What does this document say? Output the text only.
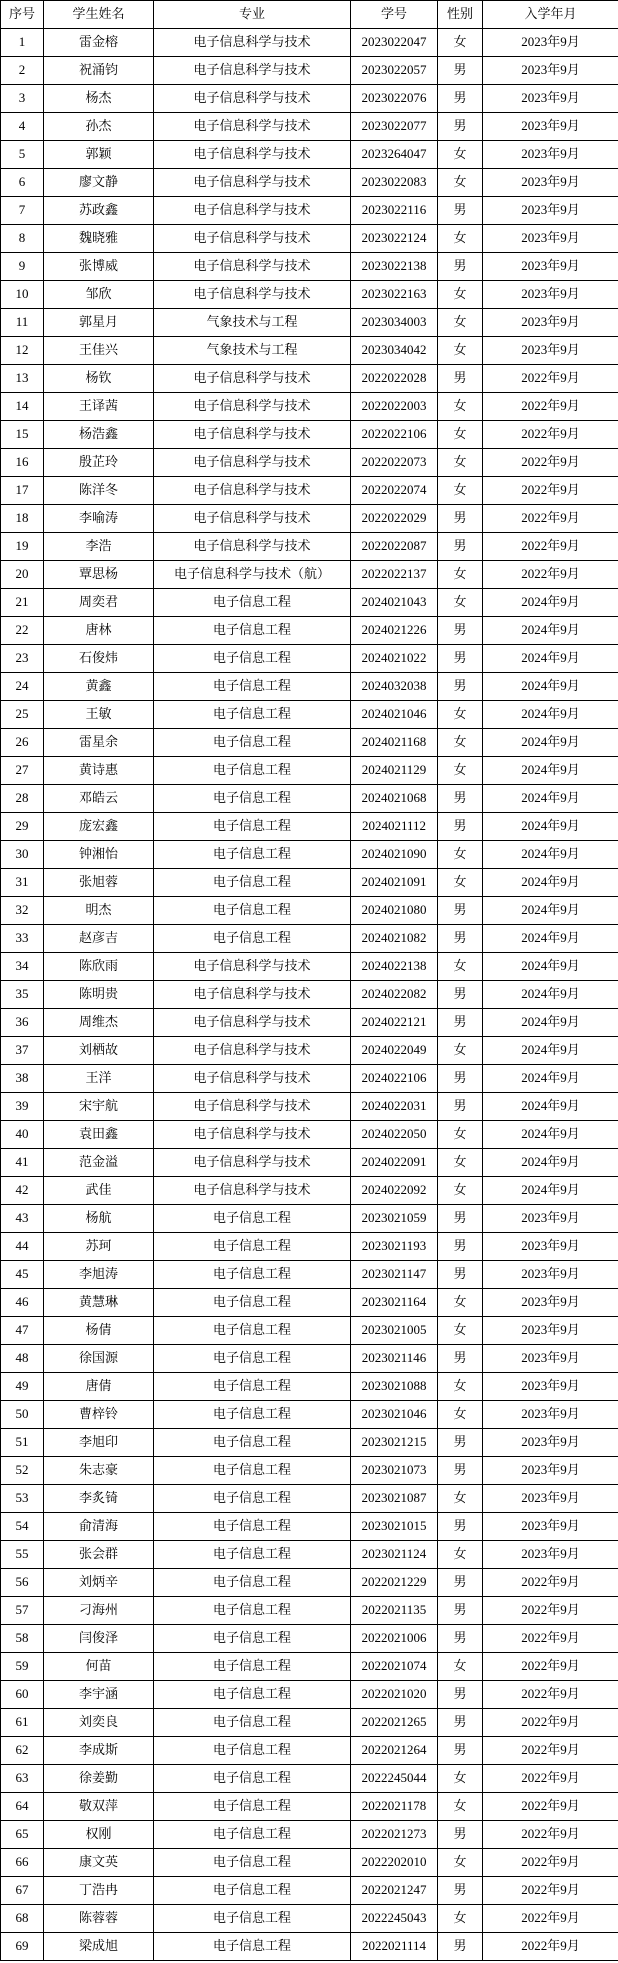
序号	学生姓名	专业	学号	性别	入学年月
1	雷金榕	电子信息科学与技术	2023022047	女	2023年9月
2	祝涌钧	电子信息科学与技术	2023022057	男	2023年9月
3	杨杰	电子信息科学与技术	2023022076	男	2023年9月
4	孙杰	电子信息科学与技术	2023022077	男	2023年9月
5	郭颖	电子信息科学与技术	2023264047	女	2023年9月
6	廖文静	电子信息科学与技术	2023022083	女	2023年9月
7	苏政鑫	电子信息科学与技术	2023022116	男	2023年9月
8	魏晓雅	电子信息科学与技术	2023022124	女	2023年9月
9	张博威	电子信息科学与技术	2023022138	男	2023年9月
10	邹欣	电子信息科学与技术	2023022163	女	2023年9月
11	郭星月	气象技术与工程	2023034003	女	2023年9月
12	王佳兴	气象技术与工程	2023034042	女	2023年9月
13	杨钦	电子信息科学与技术	2022022028	男	2022年9月
14	王译茜	电子信息科学与技术	2022022003	女	2022年9月
15	杨浩鑫	电子信息科学与技术	2022022106	女	2022年9月
16	殷芷玲	电子信息科学与技术	2022022073	女	2022年9月
17	陈洋冬	电子信息科学与技术	2022022074	女	2022年9月
18	李喻涛	电子信息科学与技术	2022022029	男	2022年9月
19	李浩	电子信息科学与技术	2022022087	男	2022年9月
20	覃思杨	电子信息科学与技术（航）	2022022137	女	2022年9月
21	周奕君	电子信息工程	2024021043	女	2024年9月
22	唐林	电子信息工程	2024021226	男	2024年9月
23	石俊炜	电子信息工程	2024021022	男	2024年9月
24	黄鑫	电子信息工程	2024032038	男	2024年9月
25	王敏	电子信息工程	2024021046	女	2024年9月
26	雷星余	电子信息工程	2024021168	女	2024年9月
27	黄诗惠	电子信息工程	2024021129	女	2024年9月
28	邓皓云	电子信息工程	2024021068	男	2024年9月
29	庞宏鑫	电子信息工程	2024021112	男	2024年9月
30	钟湘怡	电子信息工程	2024021090	女	2024年9月
31	张旭蓉	电子信息工程	2024021091	女	2024年9月
32	明杰	电子信息工程	2024021080	男	2024年9月
33	赵彦吉	电子信息工程	2024021082	男	2024年9月
34	陈欣雨	电子信息科学与技术	2024022138	女	2024年9月
35	陈明贵	电子信息科学与技术	2024022082	男	2024年9月
36	周维杰	电子信息科学与技术	2024022121	男	2024年9月
37	刘栖故	电子信息科学与技术	2024022049	女	2024年9月
38	王洋	电子信息科学与技术	2024022106	男	2024年9月
39	宋宇航	电子信息科学与技术	2024022031	男	2024年9月
40	袁田鑫	电子信息科学与技术	2024022050	女	2024年9月
41	范金溢	电子信息科学与技术	2024022091	女	2024年9月
42	武佳	电子信息科学与技术	2024022092	女	2024年9月
43	杨航	电子信息工程	2023021059	男	2023年9月
44	苏珂	电子信息工程	2023021193	男	2023年9月
45	李旭涛	电子信息工程	2023021147	男	2023年9月
46	黄慧琳	电子信息工程	2023021164	女	2023年9月
47	杨倩	电子信息工程	2023021005	女	2023年9月
48	徐国源	电子信息工程	2023021146	男	2023年9月
49	唐倩	电子信息工程	2023021088	女	2023年9月
50	曹梓铃	电子信息工程	2023021046	女	2023年9月
51	李旭印	电子信息工程	2023021215	男	2023年9月
52	朱志豪	电子信息工程	2023021073	男	2023年9月
53	李炙锜	电子信息工程	2023021087	女	2023年9月
54	俞清海	电子信息工程	2023021015	男	2023年9月
55	张会群	电子信息工程	2023021124	女	2023年9月
56	刘炳辛	电子信息工程	2022021229	男	2022年9月
57	刁海州	电子信息工程	2022021135	男	2022年9月
58	闫俊泽	电子信息工程	2022021006	男	2022年9月
59	何苗	电子信息工程	2022021074	女	2022年9月
60	李宇涵	电子信息工程	2022021020	男	2022年9月
61	刘奕良	电子信息工程	2022021265	男	2022年9月
62	李成斯	电子信息工程	2022021264	男	2022年9月
63	徐姜勤	电子信息工程	2022245044	女	2022年9月
64	敬双萍	电子信息工程	2022021178	女	2022年9月
65	权刚	电子信息工程	2022021273	男	2022年9月
66	康文英	电子信息工程	2022202010	女	2022年9月
67	丁浩冉	电子信息工程	2022021247	男	2022年9月
68	陈蓉蓉	电子信息工程	2022245043	女	2022年9月
69	梁成旭	电子信息工程	2022021114	男	2022年9月
